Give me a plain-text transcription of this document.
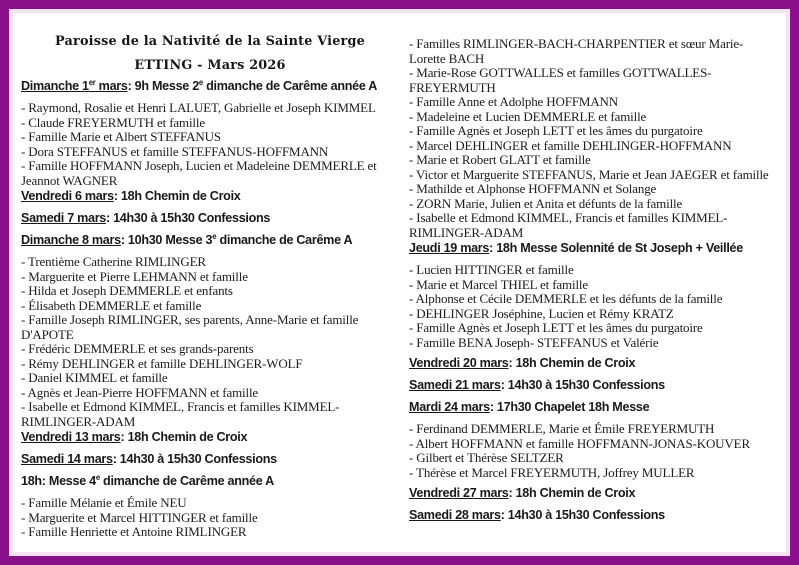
Paroisse de la Nativité de la Sainte Vierge
ETTING - Mars 2026
Dimanche 1er mars: 9h Messe 2e dimanche de Carême année A
- Raymond, Rosalie et Henri LALUET, Gabrielle et Joseph KIMMEL
- Claude FREYERMUTH et famille
- Famille Marie et Albert STEFFANUS
- Dora STEFFANUS et famille STEFFANUS-HOFFMANN
- Famille HOFFMANN Joseph, Lucien et Madeleine DEMMERLE et Jeannot WAGNER
Vendredi 6 mars: 18h Chemin de Croix
Samedi 7 mars: 14h30 à 15h30 Confessions
Dimanche 8 mars: 10h30 Messe 3e dimanche de Carême A
- Trentième Catherine RIMLINGER
- Marguerite et Pierre LEHMANN et famille
- Hilda et Joseph DEMMERLE et enfants
- Élisabeth DEMMERLE et famille
- Famille Joseph RIMLINGER, ses parents, Anne-Marie et famille D'APOTE
- Frédéric DEMMERLE et ses grands-parents
- Rémy DEHLINGER et famille DEHLINGER-WOLF
- Daniel KIMMEL et famille
- Agnès et Jean-Pierre HOFFMANN et famille
- Isabelle et Edmond KIMMEL, Francis et familles KIMMEL-RIMLINGER-ADAM
Vendredi 13 mars: 18h Chemin de Croix
Samedi 14 mars: 14h30 à 15h30 Confessions
18h: Messe 4e dimanche de Carême année A
- Famille Mélanie et Émile NEU
- Marguerite et Marcel HITTINGER et famille
- Famille Henriette et Antoine RIMLINGER
- Familles RIMLINGER-BACH-CHARPENTIER et sœur Marie-Lorette BACH
- Marie-Rose GOTTWALLES et familles GOTTWALLES-FREYERMUTH
- Famille Anne et Adolphe HOFFMANN
- Madeleine et Lucien DEMMERLE et famille
- Famille Agnès et Joseph LETT et les âmes du purgatoire
- Marcel DEHLINGER et famille DEHLINGER-HOFFMANN
- Marie et Robert GLATT et famille
- Victor et Marguerite STEFFANUS, Marie et Jean JAEGER et famille
- Mathilde et Alphonse HOFFMANN et Solange
- ZORN Marie, Julien et Anita et défunts de la famille
- Isabelle et Edmond KIMMEL, Francis et familles KIMMEL-RIMLINGER-ADAM
Jeudi 19 mars: 18h Messe Solennité de St Joseph + Veillée
- Lucien HITTINGER et famille
- Marie et Marcel THIEL et famille
- Alphonse et Cécile DEMMERLE et les défunts de la famille
- DEHLINGER Joséphine, Lucien et Rémy KRATZ
- Famille Agnès et Joseph LETT et les âmes du purgatoire
- Famille BENA Joseph- STEFFANUS et Valérie
Vendredi 20 mars: 18h Chemin de Croix
Samedi 21 mars: 14h30 à 15h30 Confessions
Mardi 24 mars: 17h30 Chapelet 18h Messe
- Ferdinand DEMMERLE, Marie et Émile FREYERMUTH
- Albert HOFFMANN et famille HOFFMANN-JONAS-KOUVER
- Gilbert et Thérèse SELTZER
- Thérèse et Marcel FREYERMUTH, Joffrey MULLER
Vendredi 27 mars: 18h Chemin de Croix
Samedi 28 mars: 14h30 à 15h30 Confessions
